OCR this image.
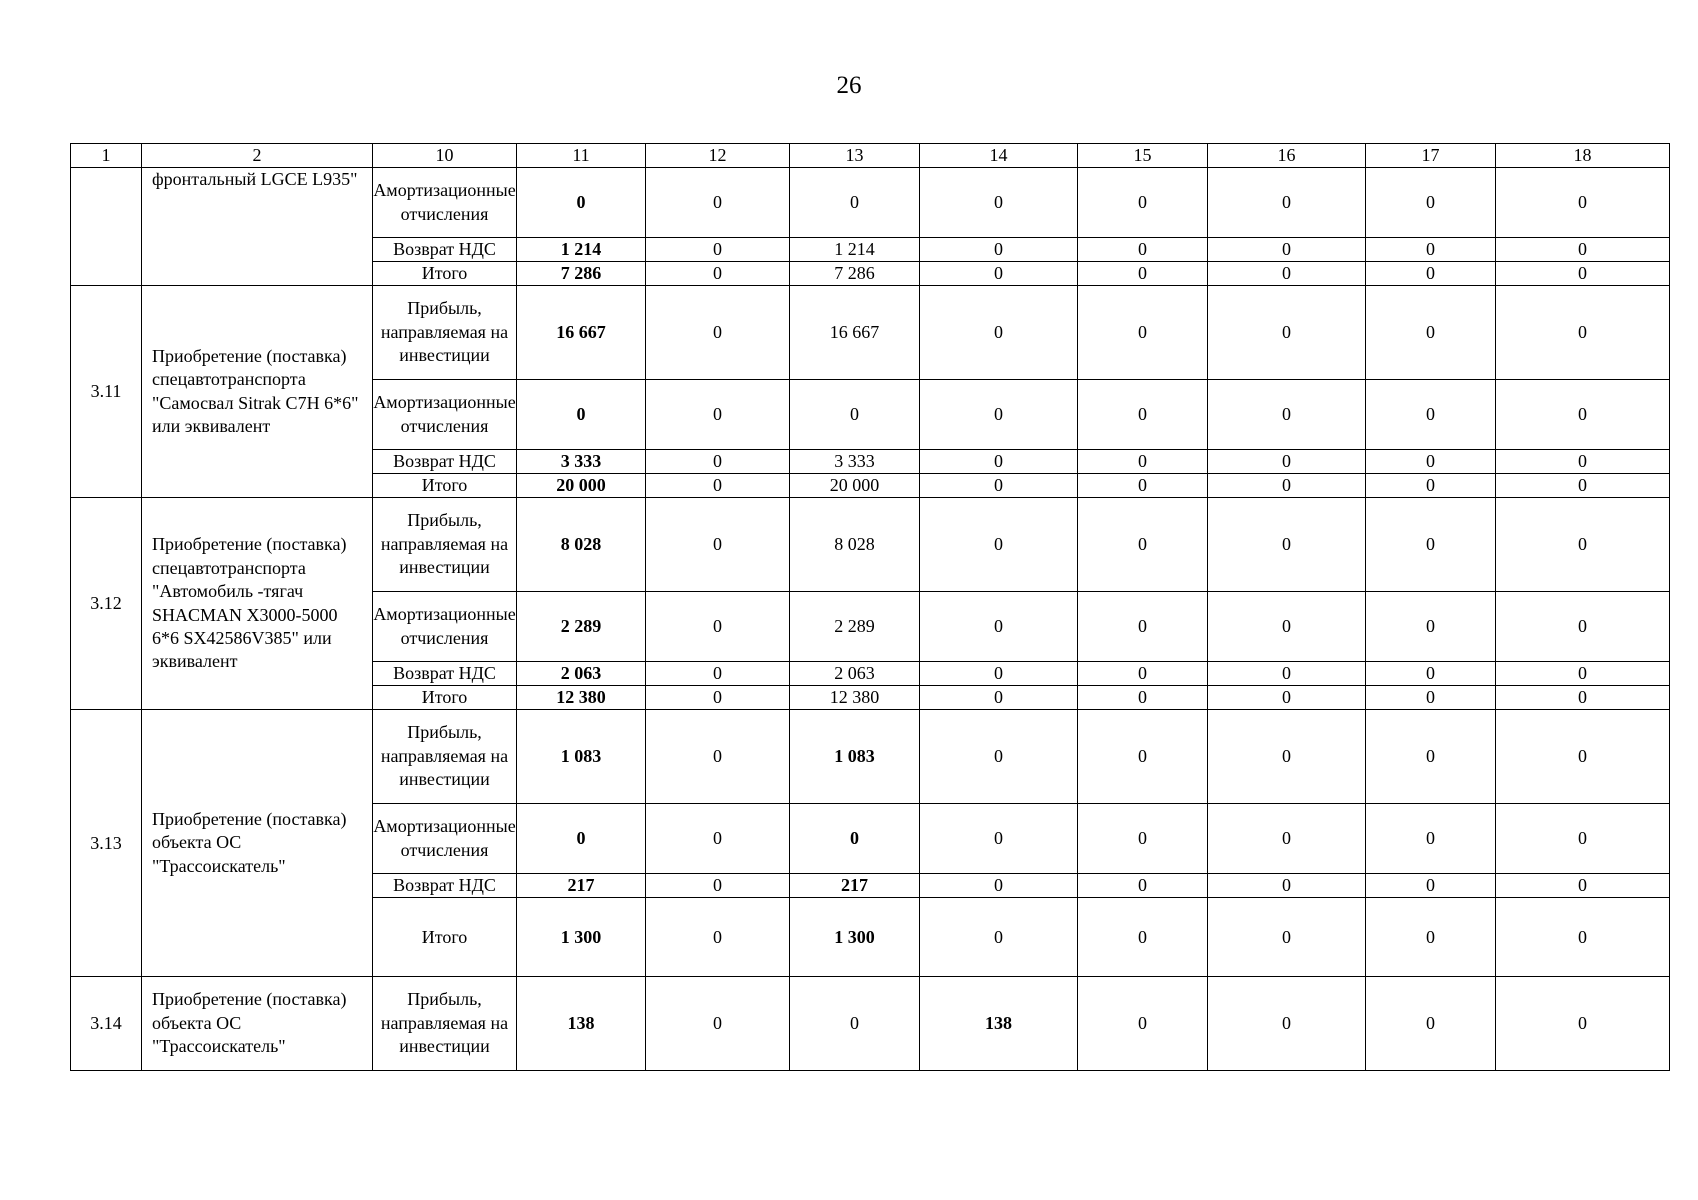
26
1	2	10	11	12	13	14	15	16	17	18
	фронтальный LGCE L935"	Амортизационные отчисления	0	0	0	0	0	0	0	0
		Возврат НДС	1 214	0	1 214	0	0	0	0	0
		Итого	7 286	0	7 286	0	0	0	0	0
3.11	Приобретение (поставка) спецавтотранспорта "Самосвал Sitrak C7H 6*6" или эквивалент	Прибыль, направляемая на инвестиции	16 667	0	16 667	0	0	0	0	0
		Амортизационные отчисления	0	0	0	0	0	0	0	0
		Возврат НДС	3 333	0	3 333	0	0	0	0	0
		Итого	20 000	0	20 000	0	0	0	0	0
3.12	Приобретение (поставка) спецавтотранспорта "Автомобиль -тягач SHACMAN X3000-5000 6*6 SX42586V385" или эквивалент	Прибыль, направляемая на инвестиции	8 028	0	8 028	0	0	0	0	0
		Амортизационные отчисления	2 289	0	2 289	0	0	0	0	0
		Возврат НДС	2 063	0	2 063	0	0	0	0	0
		Итого	12 380	0	12 380	0	0	0	0	0
3.13	Приобретение (поставка) объекта ОС "Трассоискатель"	Прибыль, направляемая на инвестиции	1 083	0	1 083	0	0	0	0	0
		Амортизационные отчисления	0	0	0	0	0	0	0	0
		Возврат НДС	217	0	217	0	0	0	0	0
		Итого	1 300	0	1 300	0	0	0	0	0
3.14	Приобретение (поставка) объекта ОС "Трассоискатель"	Прибыль, направляемая на инвестиции	138	0	0	138	0	0	0	0
